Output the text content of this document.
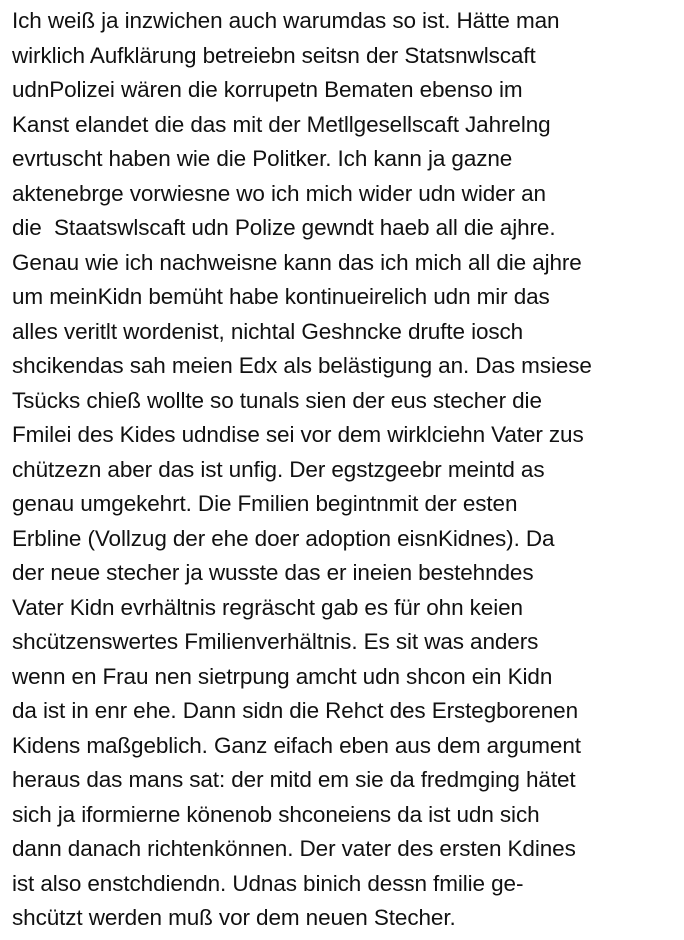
Ich weiß ja inzwichen auch warumdas so ist. Hätte man
wirklich Aufklärung betreiebn seitsn der Statsnwlscaft
udnPolizei wären die korrupetn Bematen ebenso im
Kanst elandet die das mit der Metllgesellscaft Jahrelng
evrtuscht haben wie die Politker. Ich kann ja gazne
aktenebrge vorwiesne wo ich mich wider udn wider an
die  Staatswlscaft udn Polize gewndt haeb all die ajhre.
Genau wie ich nachweisne kann das ich mich all die ajhre
um meinKidn bemüht habe kontinueirelich udn mir das
alles veritlt wordenist, nichtal Geshncke drufte iosch
shcikendas sah meien Edx als belästigung an. Das msiese
Tsücks chieß wollte so tunals sien der eus stecher die
Fmilei des Kides udndise sei vor dem wirklciehn Vater zus
chützezn aber das ist unfig. Der egstzgeebr meintd as
genau umgekehrt. Die Fmilien begintnmit der esten
Erbline (Vollzug der ehe doer adoption eisnKidnes). Da
der neue stecher ja wusste das er ineien bestehndes
Vater Kidn evrhältnis regräscht gab es für ohn keien
shcützenswertes Fmilienverhältnis. Es sit was anders
wenn en Frau nen sietrpung amcht udn shcon ein Kidn
da ist in enr ehe. Dann sidn die Rehct des Erstegborenen
Kidens maßgeblich. Ganz eifach eben aus dem argument
heraus das mans sat: der mitd em sie da fredmging hätet
sich ja iformierne könenob shconeiens da ist udn sich
dann danach richtenkönnen. Der vater des ersten Kdines
ist also enstchdiendn. Udnas binich dessn fmilie ge-
shcützt werden muß vor dem neuen Stecher.
